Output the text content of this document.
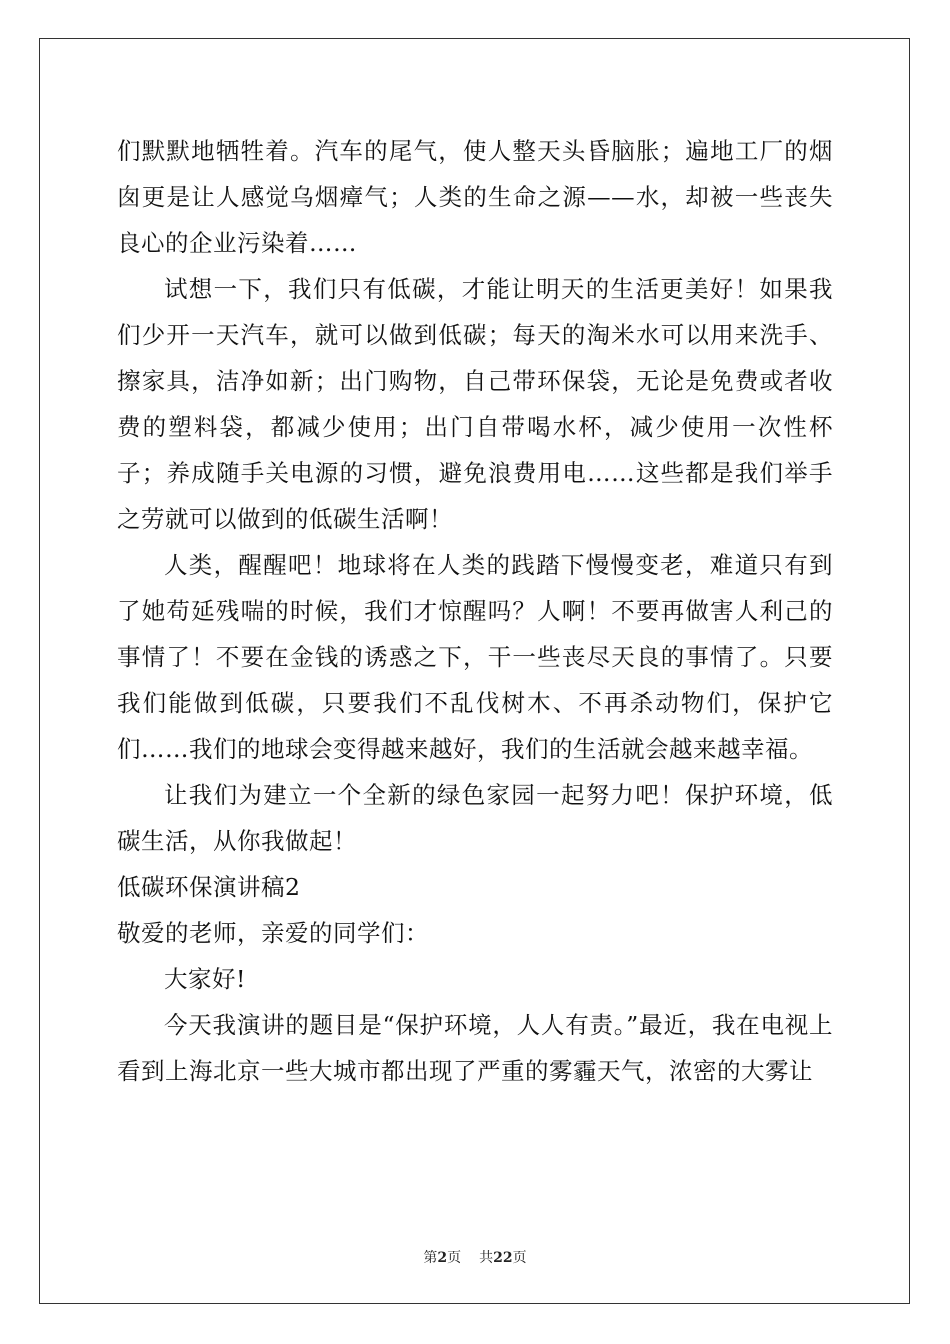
们默默地牺牲着。汽车的尾气，使人整天头昏脑胀；遍地工厂的烟囱更是让人感觉乌烟瘴气；人类的生命之源——水，却被一些丧失良心的企业污染着……

试想一下，我们只有低碳，才能让明天的生活更美好！如果我们少开一天汽车，就可以做到低碳；每天的淘米水可以用来洗手、擦家具，洁净如新；出门购物，自己带环保袋，无论是免费或者收费的塑料袋，都减少使用；出门自带喝水杯，减少使用一次性杯子；养成随手关电源的习惯，避免浪费用电……这些都是我们举手之劳就可以做到的低碳生活啊！

人类，醒醒吧！地球将在人类的践踏下慢慢变老，难道只有到了她苟延残喘的时候，我们才惊醒吗？人啊！不要再做害人利己的事情了！不要在金钱的诱惑之下，干一些丧尽天良的事情了。只要我们能做到低碳，只要我们不乱伐树木、不再杀动物们，保护它们……我们的地球会变得越来越好，我们的生活就会越来越幸福。

让我们为建立一个全新的绿色家园一起努力吧！保护环境，低碳生活，从你我做起！

低碳环保演讲稿2

敬爱的老师，亲爱的同学们：

大家好!

今天我演讲的题目是“保护环境，人人有责。”最近，我在电视上看到上海北京一些大城市都出现了严重的雾霾天气，浓密的大雾让

第2页 共22页
